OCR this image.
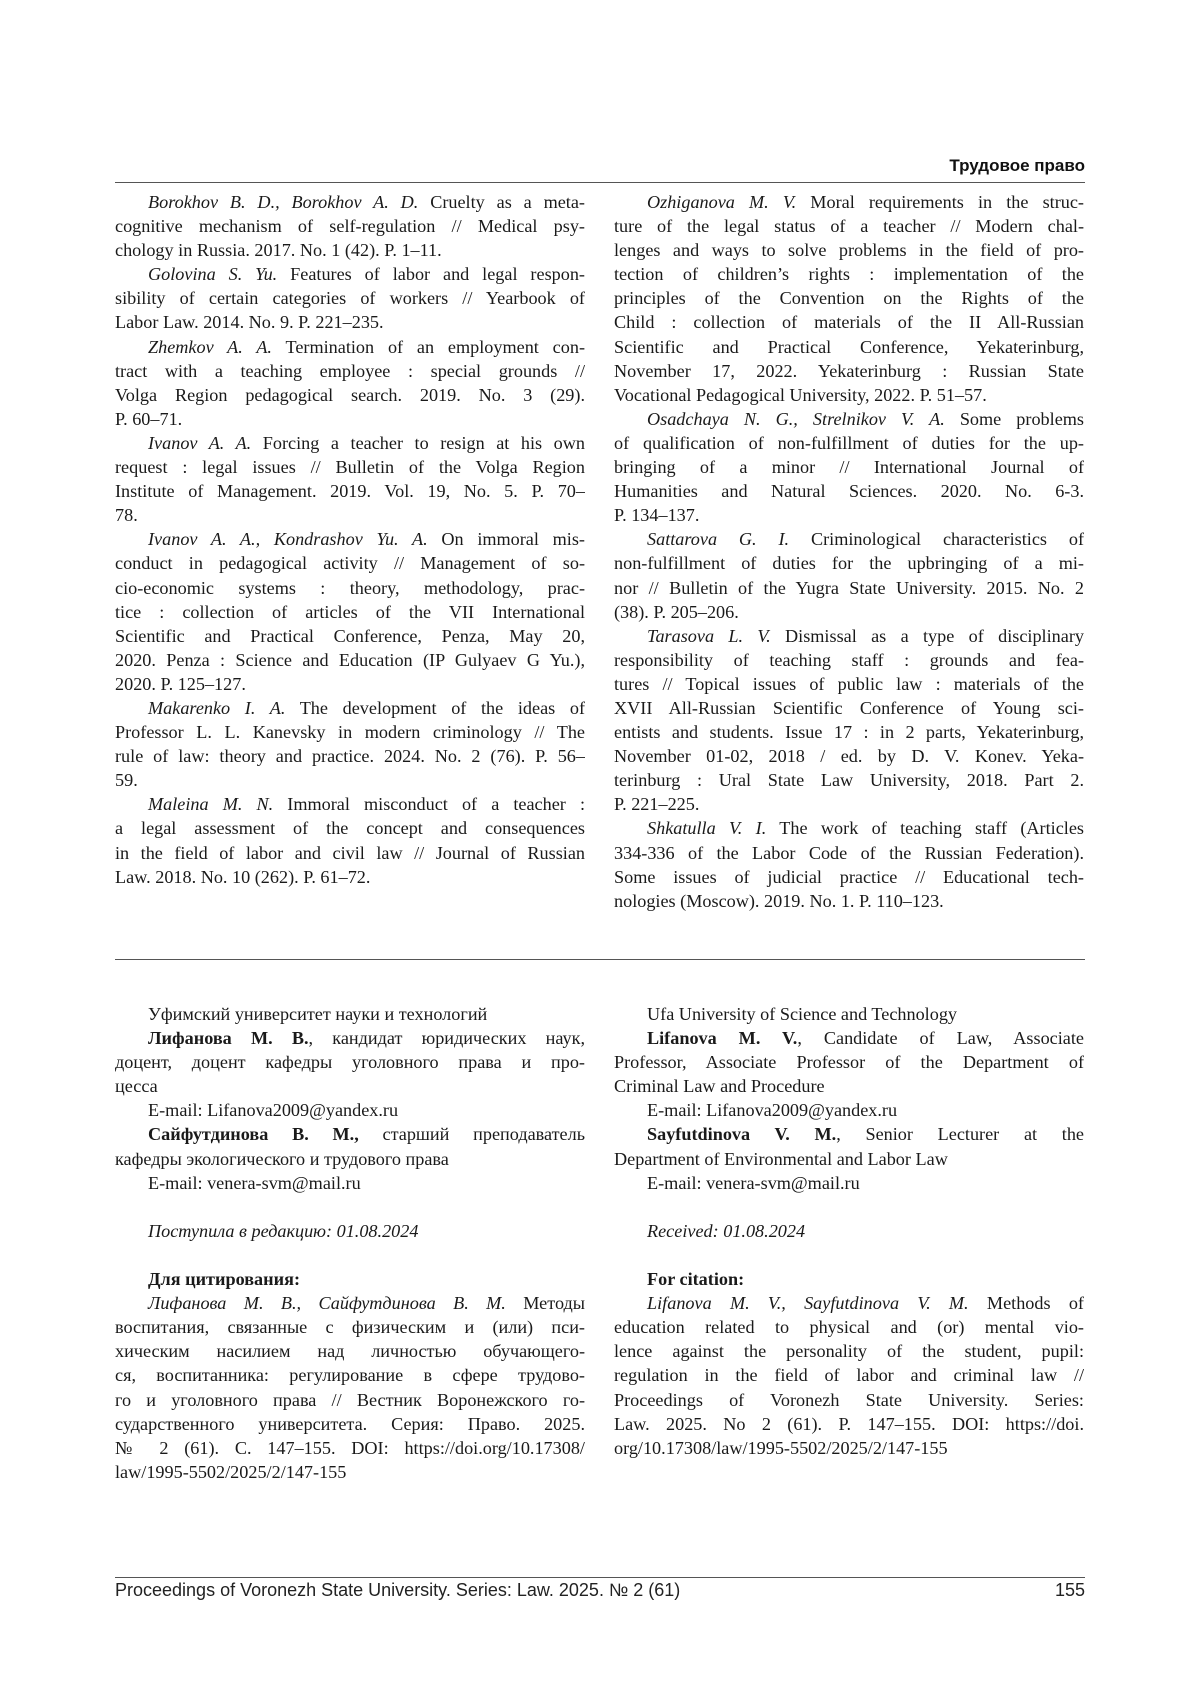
Трудовое право
Borokhov B. D., Borokhov A. D. Cruelty as a meta-
cognitive mechanism of self-regulation // Medical psy-
chology in Russia. 2017. No. 1 (42). P. 1–11.
Golovina S. Yu. Features of labor and legal respon-
sibility of certain categories of workers // Yearbook of
Labor Law. 2014. No. 9. P. 221–235.
Zhemkov A. A. Termination of an employment con-
tract with a teaching employee : special grounds //
Volga Region pedagogical search. 2019. No. 3 (29).
P. 60–71.
Ivanov A. A. Forcing a teacher to resign at his own
request : legal issues // Bulletin of the Volga Region
Institute of Management. 2019. Vol. 19, No. 5. P. 70–
78.
Ivanov A. A., Kondrashov Yu. A. On immoral mis-
conduct in pedagogical activity // Management of so-
cio-economic systems : theory, methodology, prac-
tice : collection of articles of the VII International
Scientific and Practical Conference, Penza, May 20,
2020. Penza : Science and Education (IP Gulyaev G Yu.),
2020. P. 125–127.
Makarenko I. A. The development of the ideas of
Professor L. L. Kanevsky in modern criminology // The
rule of law: theory and practice. 2024. No. 2 (76). P. 56–
59.
Maleina M. N. Immoral misconduct of a teacher :
a legal assessment of the concept and consequences
in the field of labor and civil law // Journal of Russian
Law. 2018. No. 10 (262). P. 61–72.
Ozhiganova M. V. Moral requirements in the struc-
ture of the legal status of a teacher // Modern chal-
lenges and ways to solve problems in the field of pro-
tection of children’s rights : implementation of the
principles of the Convention on the Rights of the
Child : collection of materials of the II All-Russian
Scientific and Practical Conference, Yekaterinburg,
November 17, 2022. Yekaterinburg : Russian State
Vocational Pedagogical University, 2022. P. 51–57.
Osadchaya N. G., Strelnikov V. A. Some problems
of qualification of non-fulfillment of duties for the up-
bringing of a minor // International Journal of
Humanities and Natural Sciences. 2020. No. 6-3.
P. 134–137.
Sattarova G. I. Criminological characteristics of
non-fulfillment of duties for the upbringing of a mi-
nor // Bulletin of the Yugra State University. 2015. No. 2
(38). P. 205–206.
Tarasova L. V. Dismissal as a type of disciplinary
responsibility of teaching staff : grounds and fea-
tures // Topical issues of public law : materials of the
XVII All-Russian Scientific Conference of Young sci-
entists and students. Issue 17 : in 2 parts, Yekaterinburg,
November 01-02, 2018 / ed. by D. V. Konev. Yeka-
terinburg : Ural State Law University, 2018. Part 2.
P. 221–225.
Shkatulla V. I. The work of teaching staff (Articles
334-336 of the Labor Code of the Russian Federation).
Some issues of judicial practice // Educational tech-
nologies (Moscow). 2019. No. 1. P. 110–123.
Уфимский университет науки и технологий
Лифанова М. В., кандидат юридических наук,
доцент, доцент кафедры уголовного права и про-
цесса
E-mail: Lifanova2009@yandex.ru
Сайфутдинова В. М., старший преподаватель
кафедры экологического и трудового права
E-mail: venera-svm@mail.ru
Поступила в редакцию: 01.08.2024
Для цитирования:
Лифанова М. В., Сайфутдинова В. М. Методы
воспитания, связанные с физическим и (или) пси-
хическим насилием над личностью обучающего-
ся, воспитанника: регулирование в сфере трудово-
го и уголовного права // Вестник Воронежского го-
сударственного университета. Серия: Право. 2025.
№ 2 (61). С. 147–155. DOI: https://doi.org/10.17308/
law/1995-5502/2025/2/147-155
Ufa University of Science and Technology
Lifanova M. V., Candidate of Law, Associate
Professor, Associate Professor of the Department of
Criminal Law and Procedure
E-mail: Lifanova2009@yandex.ru
Sayfutdinova V. M., Senior Lecturer at the
Department of Environmental and Labor Law
E-mail: venera-svm@mail.ru
Received: 01.08.2024
For citation:
Lifanova M. V., Sayfutdinova V. M. Methods of
education related to physical and (or) mental vio-
lence against the personality of the student, pupil:
regulation in the field of labor and criminal law //
Proceedings of Voronezh State University. Series:
Law. 2025. No 2 (61). P. 147–155. DOI: https://doi.
org/10.17308/law/1995-5502/2025/2/147-155
Proceedings of Voronezh State University. Series: Law. 2025. № 2 (61)	155
